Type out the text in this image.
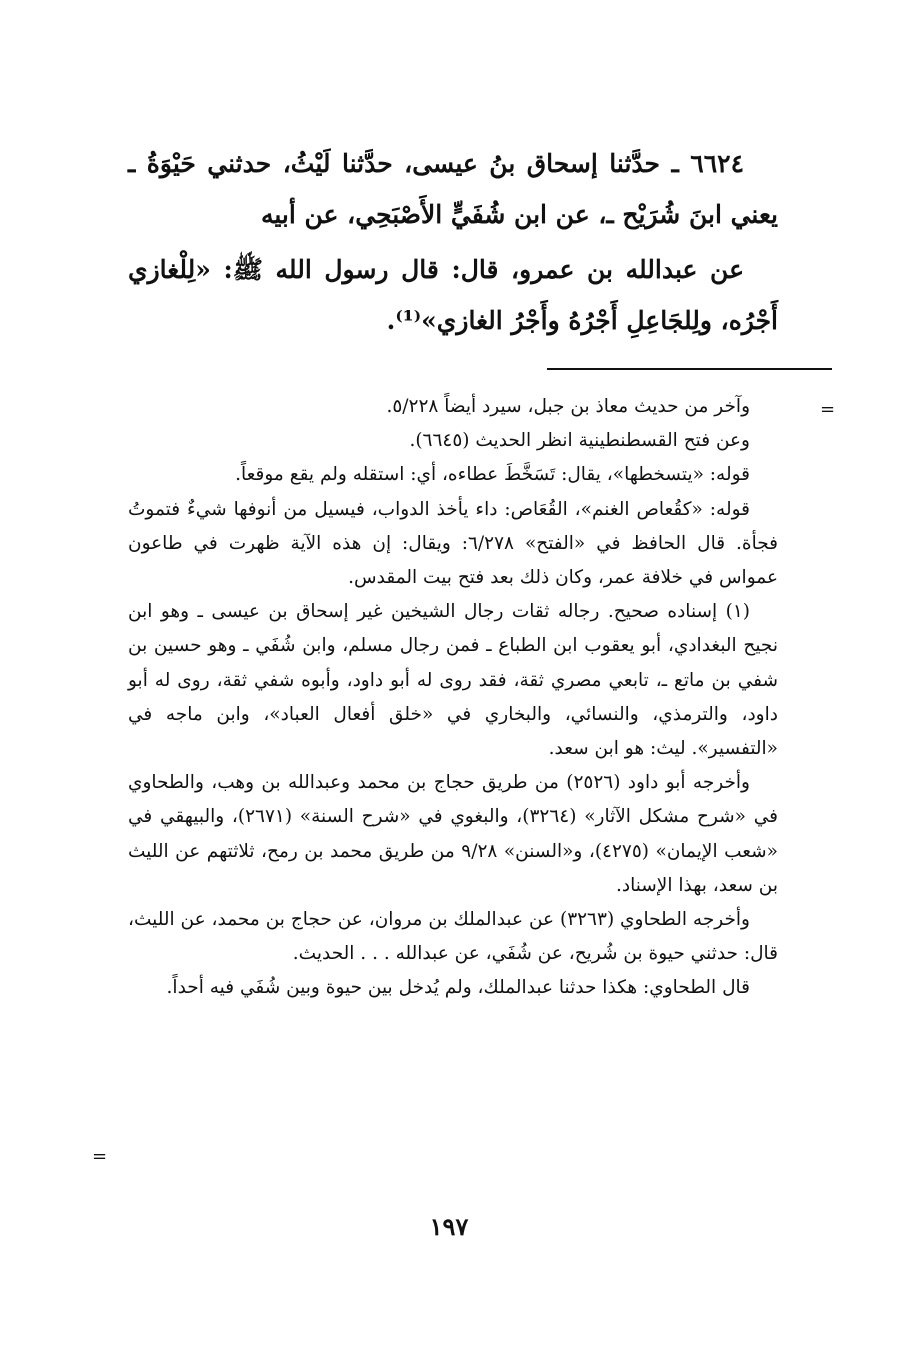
٦٦٢٤ ـ حدَّثنا إسحاق بنُ عيسى، حدَّثنا لَيْثُ، حدثني حَيْوَةُ ـ يعني ابنَ شُرَيْح ـ، عن ابن شُفَيٍّ الأَصْبَحِي، عن أبيه

عن عبدالله بن عمرو، قال: قال رسول الله ﷺ: «لِلْغازي أَجْرُه، ولِلجَاعِلِ أَجْرُهُ وأَجْرُ الغازي»⁽¹⁾.

=

وآخر من حديث معاذ بن جبل، سيرد أيضاً ٥/٢٢٨.

وعن فتح القسطنطينية انظر الحديث (٦٦٤٥).

قوله: «يتسخطها»، يقال: تَسَخَّطَ عطاءه، أي: استقله ولم يقع موقعاً.

قوله: «كقُعاص الغنم»، القُعَاص: داء يأخذ الدواب، فيسيل من أنوفها شيءٌ فتموتُ فجأة. قال الحافظ في «الفتح» ٦/٢٧٨: ويقال: إن هذه الآية ظهرت في طاعون عمواس في خلافة عمر، وكان ذلك بعد فتح بيت المقدس.

(١) إسناده صحيح. رجاله ثقات رجال الشيخين غير إسحاق بن عيسى ـ وهو ابن نجيح البغدادي، أبو يعقوب ابن الطباع ـ فمن رجال مسلم، وابن شُفَي ـ وهو حسين بن شفي بن ماتع ـ، تابعي مصري ثقة، فقد روى له أبو داود، وأبوه شفي ثقة، روى له أبو داود، والترمذي، والنسائي، والبخاري في «خلق أفعال العباد»، وابن ماجه في «التفسير». ليث: هو ابن سعد.

وأخرجه أبو داود (٢٥٢٦) من طريق حجاج بن محمد وعبدالله بن وهب، والطحاوي في «شرح مشكل الآثار» (٣٢٦٤)، والبغوي في «شرح السنة» (٢٦٧١)، والبيهقي في «شعب الإيمان» (٤٢٧٥)، و«السنن» ٩/٢٨ من طريق محمد بن رمح، ثلاثتهم عن الليث بن سعد، بهذا الإسناد.

وأخرجه الطحاوي (٣٢٦٣) عن عبدالملك بن مروان، عن حجاج بن محمد، عن الليث، قال: حدثني حيوة بن شُريح، عن شُفَي، عن عبدالله . . . الحديث.

قال الطحاوي: هكذا حدثنا عبدالملك، ولم يُدخل بين حيوة وبين شُفَي فيه أحداً.

=
١٩٧
